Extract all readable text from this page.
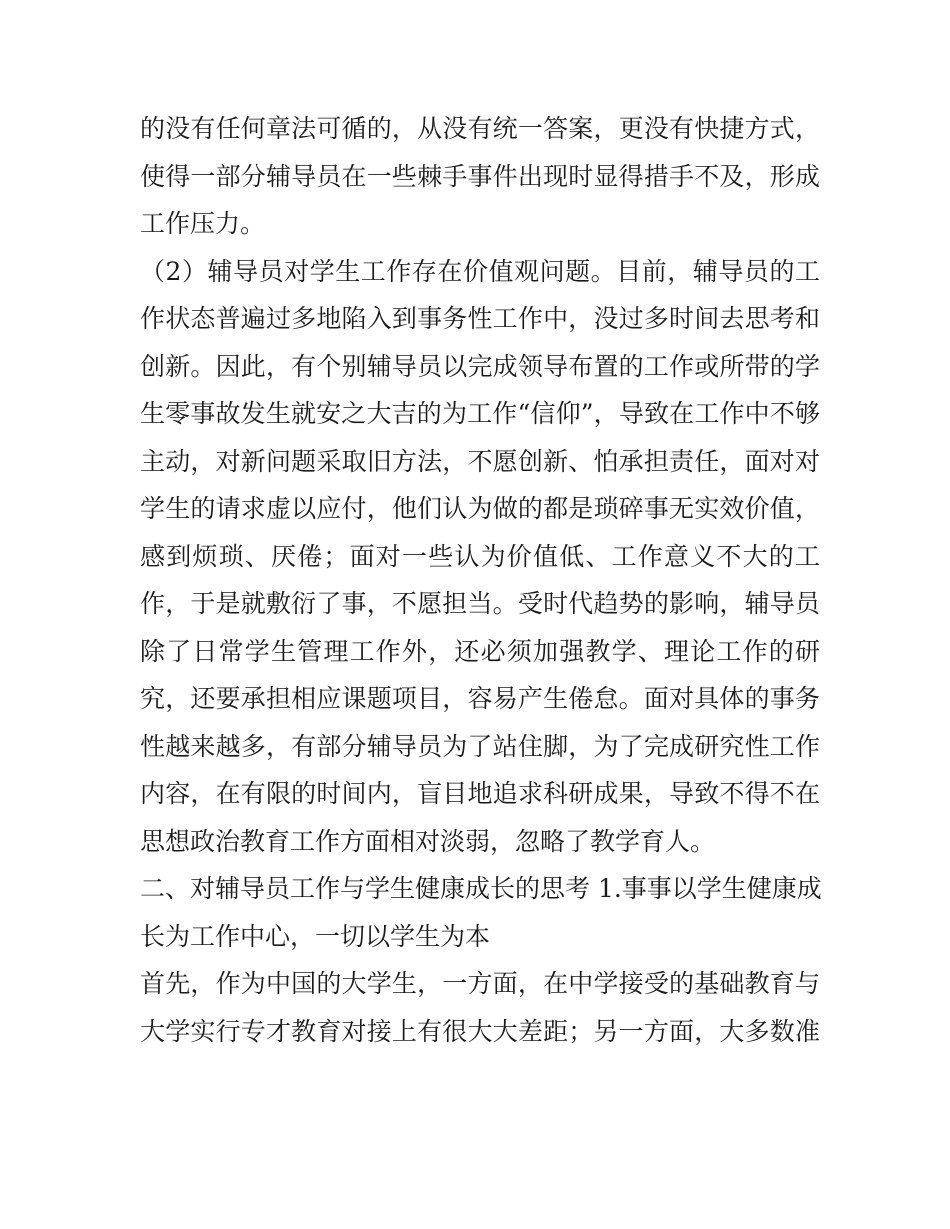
的没有任何章法可循的，从没有统一答案，更没有快捷方式，
使得一部分辅导员在一些棘手事件出现时显得措手不及，形成
工作压力。
（2）辅导员对学生工作存在价值观问题。目前，辅导员的工
作状态普遍过多地陷入到事务性工作中，没过多时间去思考和
创新。因此，有个别辅导员以完成领导布置的工作或所带的学
生零事故发生就安之大吉的为工作“信仰”，导致在工作中不够
主动，对新问题采取旧方法，不愿创新、怕承担责任，面对对
学生的请求虚以应付，他们认为做的都是琐碎事无实效价值，
感到烦琐、厌倦；面对一些认为价值低、工作意义不大的工
作，于是就敷衍了事，不愿担当。受时代趋势的影响，辅导员
除了日常学生管理工作外，还必须加强教学、理论工作的研
究，还要承担相应课题项目，容易产生倦怠。面对具体的事务
性越来越多，有部分辅导员为了站住脚，为了完成研究性工作
内容，在有限的时间内，盲目地追求科研成果，导致不得不在
思想政治教育工作方面相对淡弱，忽略了教学育人。
二、对辅导员工作与学生健康成长的思考 1.事事以学生健康成
长为工作中心，一切以学生为本
首先，作为中国的大学生，一方面，在中学接受的基础教育与
大学实行专才教育对接上有很大大差距；另一方面，大多数准
